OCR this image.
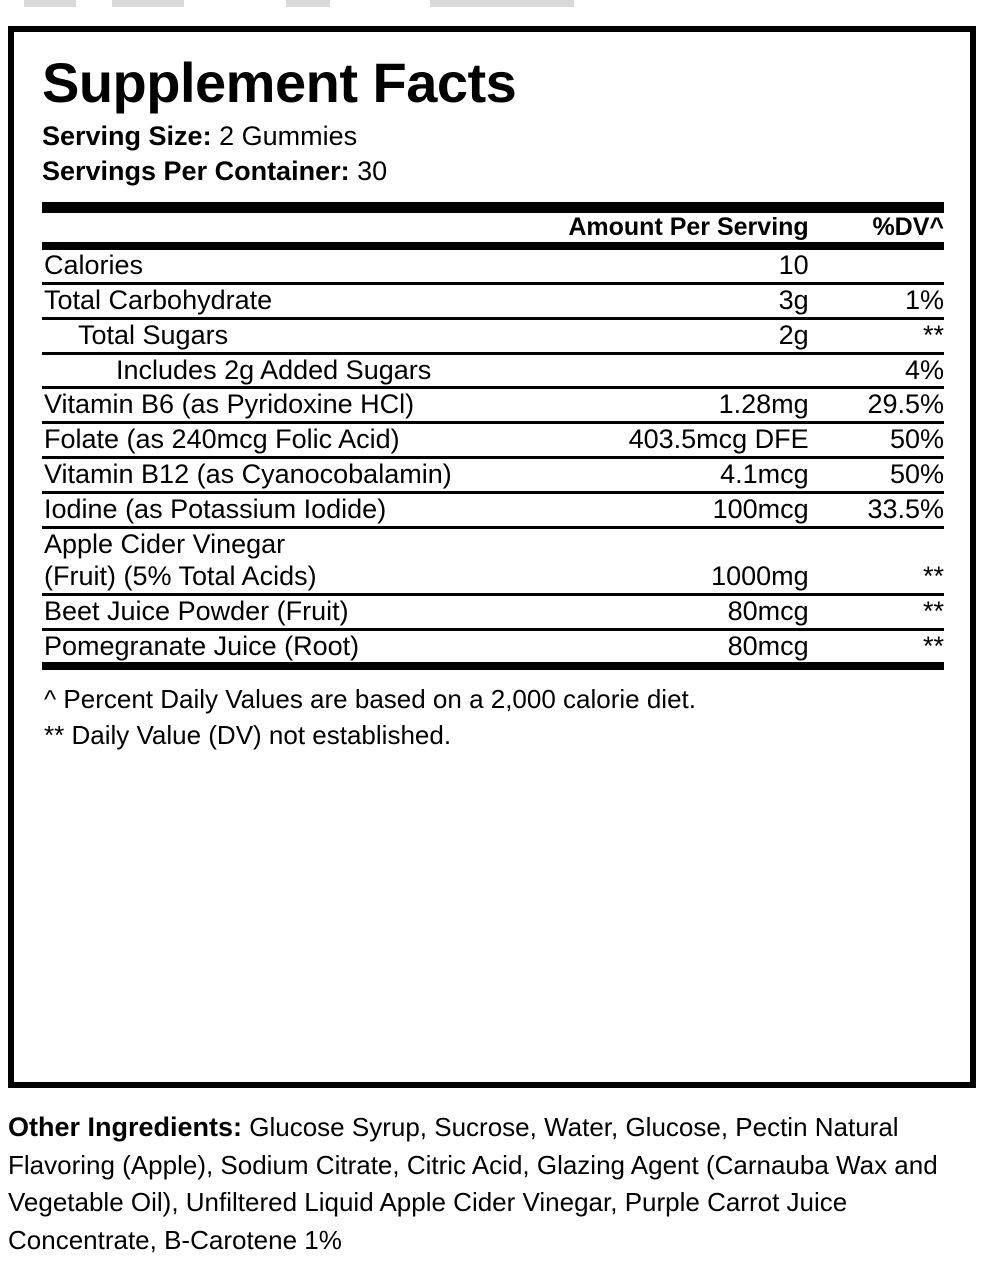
Supplement Facts
Serving Size: 2 Gummies
Servings Per Container: 30
	Amount Per Serving	%DV^

Calories	10	

Total Carbohydrate	3g	1%

Total Sugars	2g	**

Includes 2g Added Sugars		4%

Vitamin B6 (as Pyridoxine HCl)	1.28mg	29.5%

Folate (as 240mcg Folic Acid)	403.5mcg DFE	50%

Vitamin B12 (as Cyanocobalamin)	4.1mcg	50%

Iodine (as Potassium Iodide)	100mcg	33.5%

Apple Cider Vinegar
(Fruit) (5% Total Acids)	1000mg	**

Beet Juice Powder (Fruit)	80mcg	**

Pomegranate Juice (Root)	80mcg	**
^ Percent Daily Values are based on a 2,000 calorie diet.
** Daily Value (DV) not established.
Other Ingredients: Glucose Syrup, Sucrose, Water, Glucose, Pectin Natural Flavoring (Apple), Sodium Citrate, Citric Acid, Glazing Agent (Carnauba Wax and Vegetable Oil), Unfiltered Liquid Apple Cider Vinegar, Purple Carrot Juice Concentrate, B-Carotene 1%
